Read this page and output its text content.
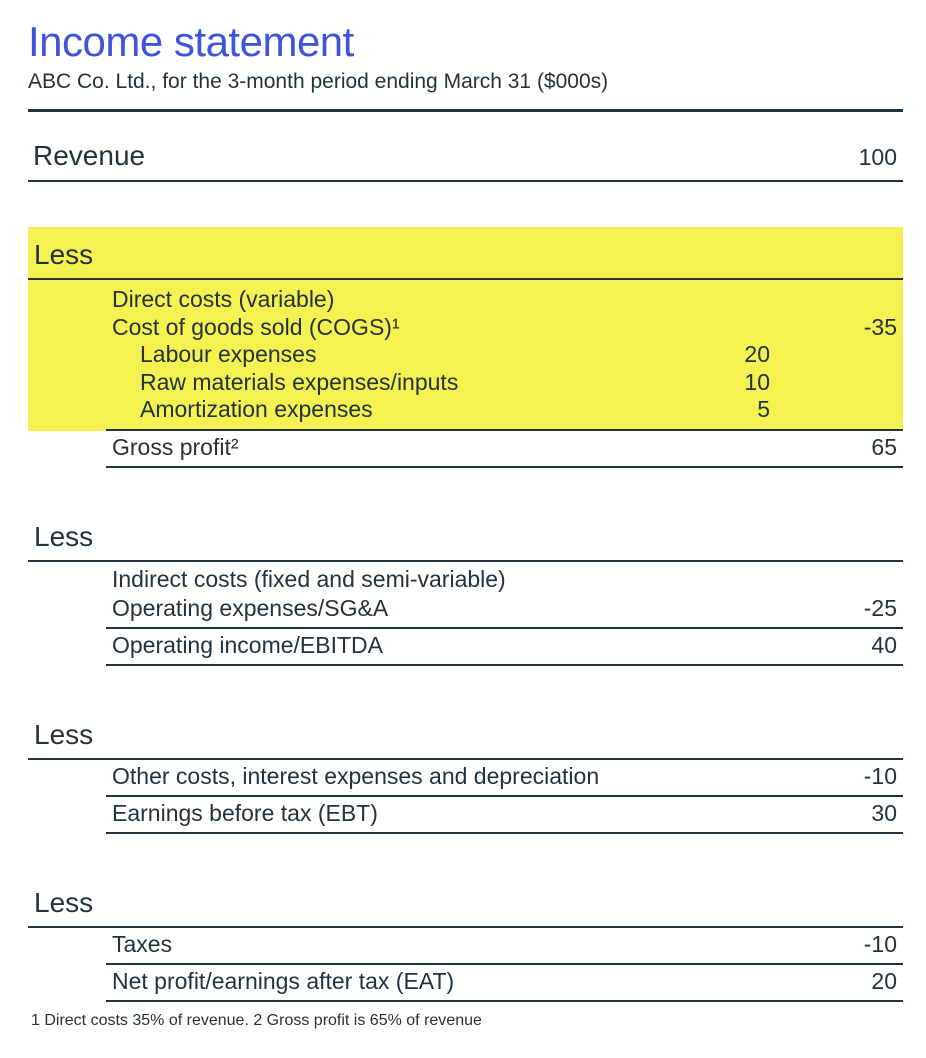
Income statement

ABC Co. Ltd., for the 3-month period ending March 31 ($000s)

Revenue	100
Less
Direct costs (variable)
Cost of goods sold (COGS)¹	-35
Labour expenses	20
Raw materials expenses/inputs	10
Amortization expenses	5
Gross profit²	65
Less
Indirect costs (fixed and semi-variable)
Operating expenses/SG&A	-25
Operating income/EBITDA	40
Less
Other costs, interest expenses and depreciation	-10
Earnings before tax (EBT)	30
Less
Taxes	-10
Net profit/earnings after tax (EAT)	20
1 Direct costs 35% of revenue. 2 Gross profit is 65% of revenue
